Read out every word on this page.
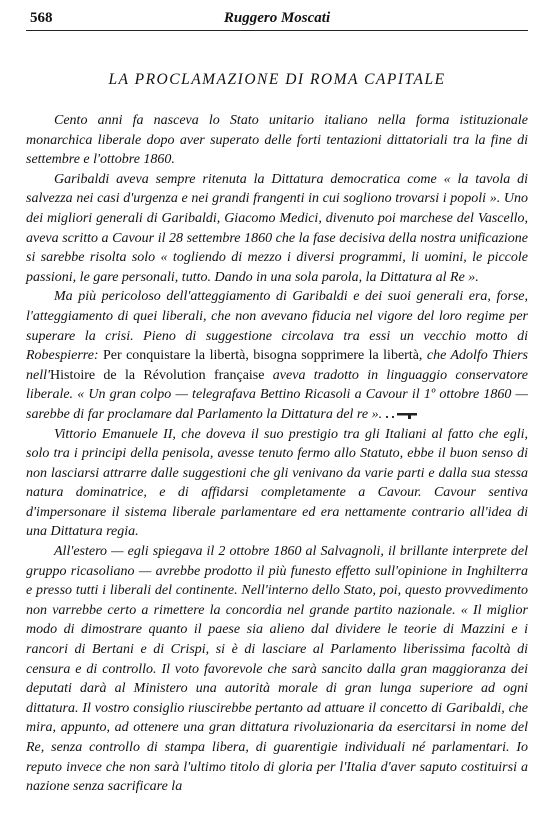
568	Ruggero Moscati
LA PROCLAMAZIONE DI ROMA CAPITALE

Cento anni fa nasceva lo Stato unitario italiano nella forma istituzionale monarchica liberale dopo aver superato delle forti tentazioni dittatoriali tra la fine di settembre e l'ottobre 1860.

Garibaldi aveva sempre ritenuta la Dittatura democratica come « la tavola di salvezza nei casi d'urgenza e nei grandi frangenti in cui sogliono trovarsi i popoli ». Uno dei migliori generali di Garibaldi, Giacomo Medici, divenuto poi marchese del Vascello, aveva scritto a Cavour il 28 settembre 1860 che la fase decisiva della nostra unificazione si sarebbe risolta solo « togliendo di mezzo i diversi programmi, li uomini, le piccole passioni, le gare personali, tutto. Dando in una sola parola, la Dittatura al Re ».

Ma più pericoloso dell'atteggiamento di Garibaldi e dei suoi generali era, forse, l'atteggiamento di quei liberali, che non avevano fiducia nel vigore del loro regime per superare la crisi. Pieno di suggestione circolava tra essi un vecchio motto di Robespierre: Per conquistare la libertà, bisogna sopprimere la libertà, che Adolfo Thiers nell'Histoire de la Révolution française aveva tradotto in linguaggio conservatore liberale. « Un gran colpo — telegrafava Bettino Ricasoli a Cavour il 1º ottobre 1860 — sarebbe di far proclamare dal Parlamento la Dittatura del re ».

Vittorio Emanuele II, che doveva il suo prestigio tra gli Italiani al fatto che egli, solo tra i principi della penisola, avesse tenuto fermo allo Statuto, ebbe il buon senso di non lasciarsi attrarre dalle suggestioni che gli venivano da varie parti e dalla sua stessa natura dominatrice, e di affidarsi completamente a Cavour. Cavour sentiva d'impersonare il sistema liberale parlamentare ed era nettamente contrario all'idea di una Dittatura regia.

All'estero — egli spiegava il 2 ottobre 1860 al Salvagnoli, il brillante interprete del gruppo ricasoliano — avrebbe prodotto il più funesto effetto sull'opinione in Inghilterra e presso tutti i liberali del continente. Nell'interno dello Stato, poi, questo provvedimento non varrebbe certo a rimettere la concordia nel grande partito nazionale. « Il miglior modo di dimostrare quanto il paese sia alieno dal dividere le teorie di Mazzini e i rancori di Bertani e di Crispi, si è di lasciare al Parlamento liberissima facoltà di censura e di controllo. Il voto favorevole che sarà sancito dalla gran maggioranza dei deputati darà al Ministero una autorità morale di gran lunga superiore ad ogni dittatura. Il vostro consiglio riuscirebbe pertanto ad attuare il concetto di Garibaldi, che mira, appunto, ad ottenere una gran dittatura rivoluzionaria da esercitarsi in nome del Re, senza controllo di stampa libera, di guarentigie individuali né parlamentari. Io reputo invece che non sarà l'ultimo titolo di gloria per l'Italia d'aver saputo costituirsi a nazione senza sacrificare la
